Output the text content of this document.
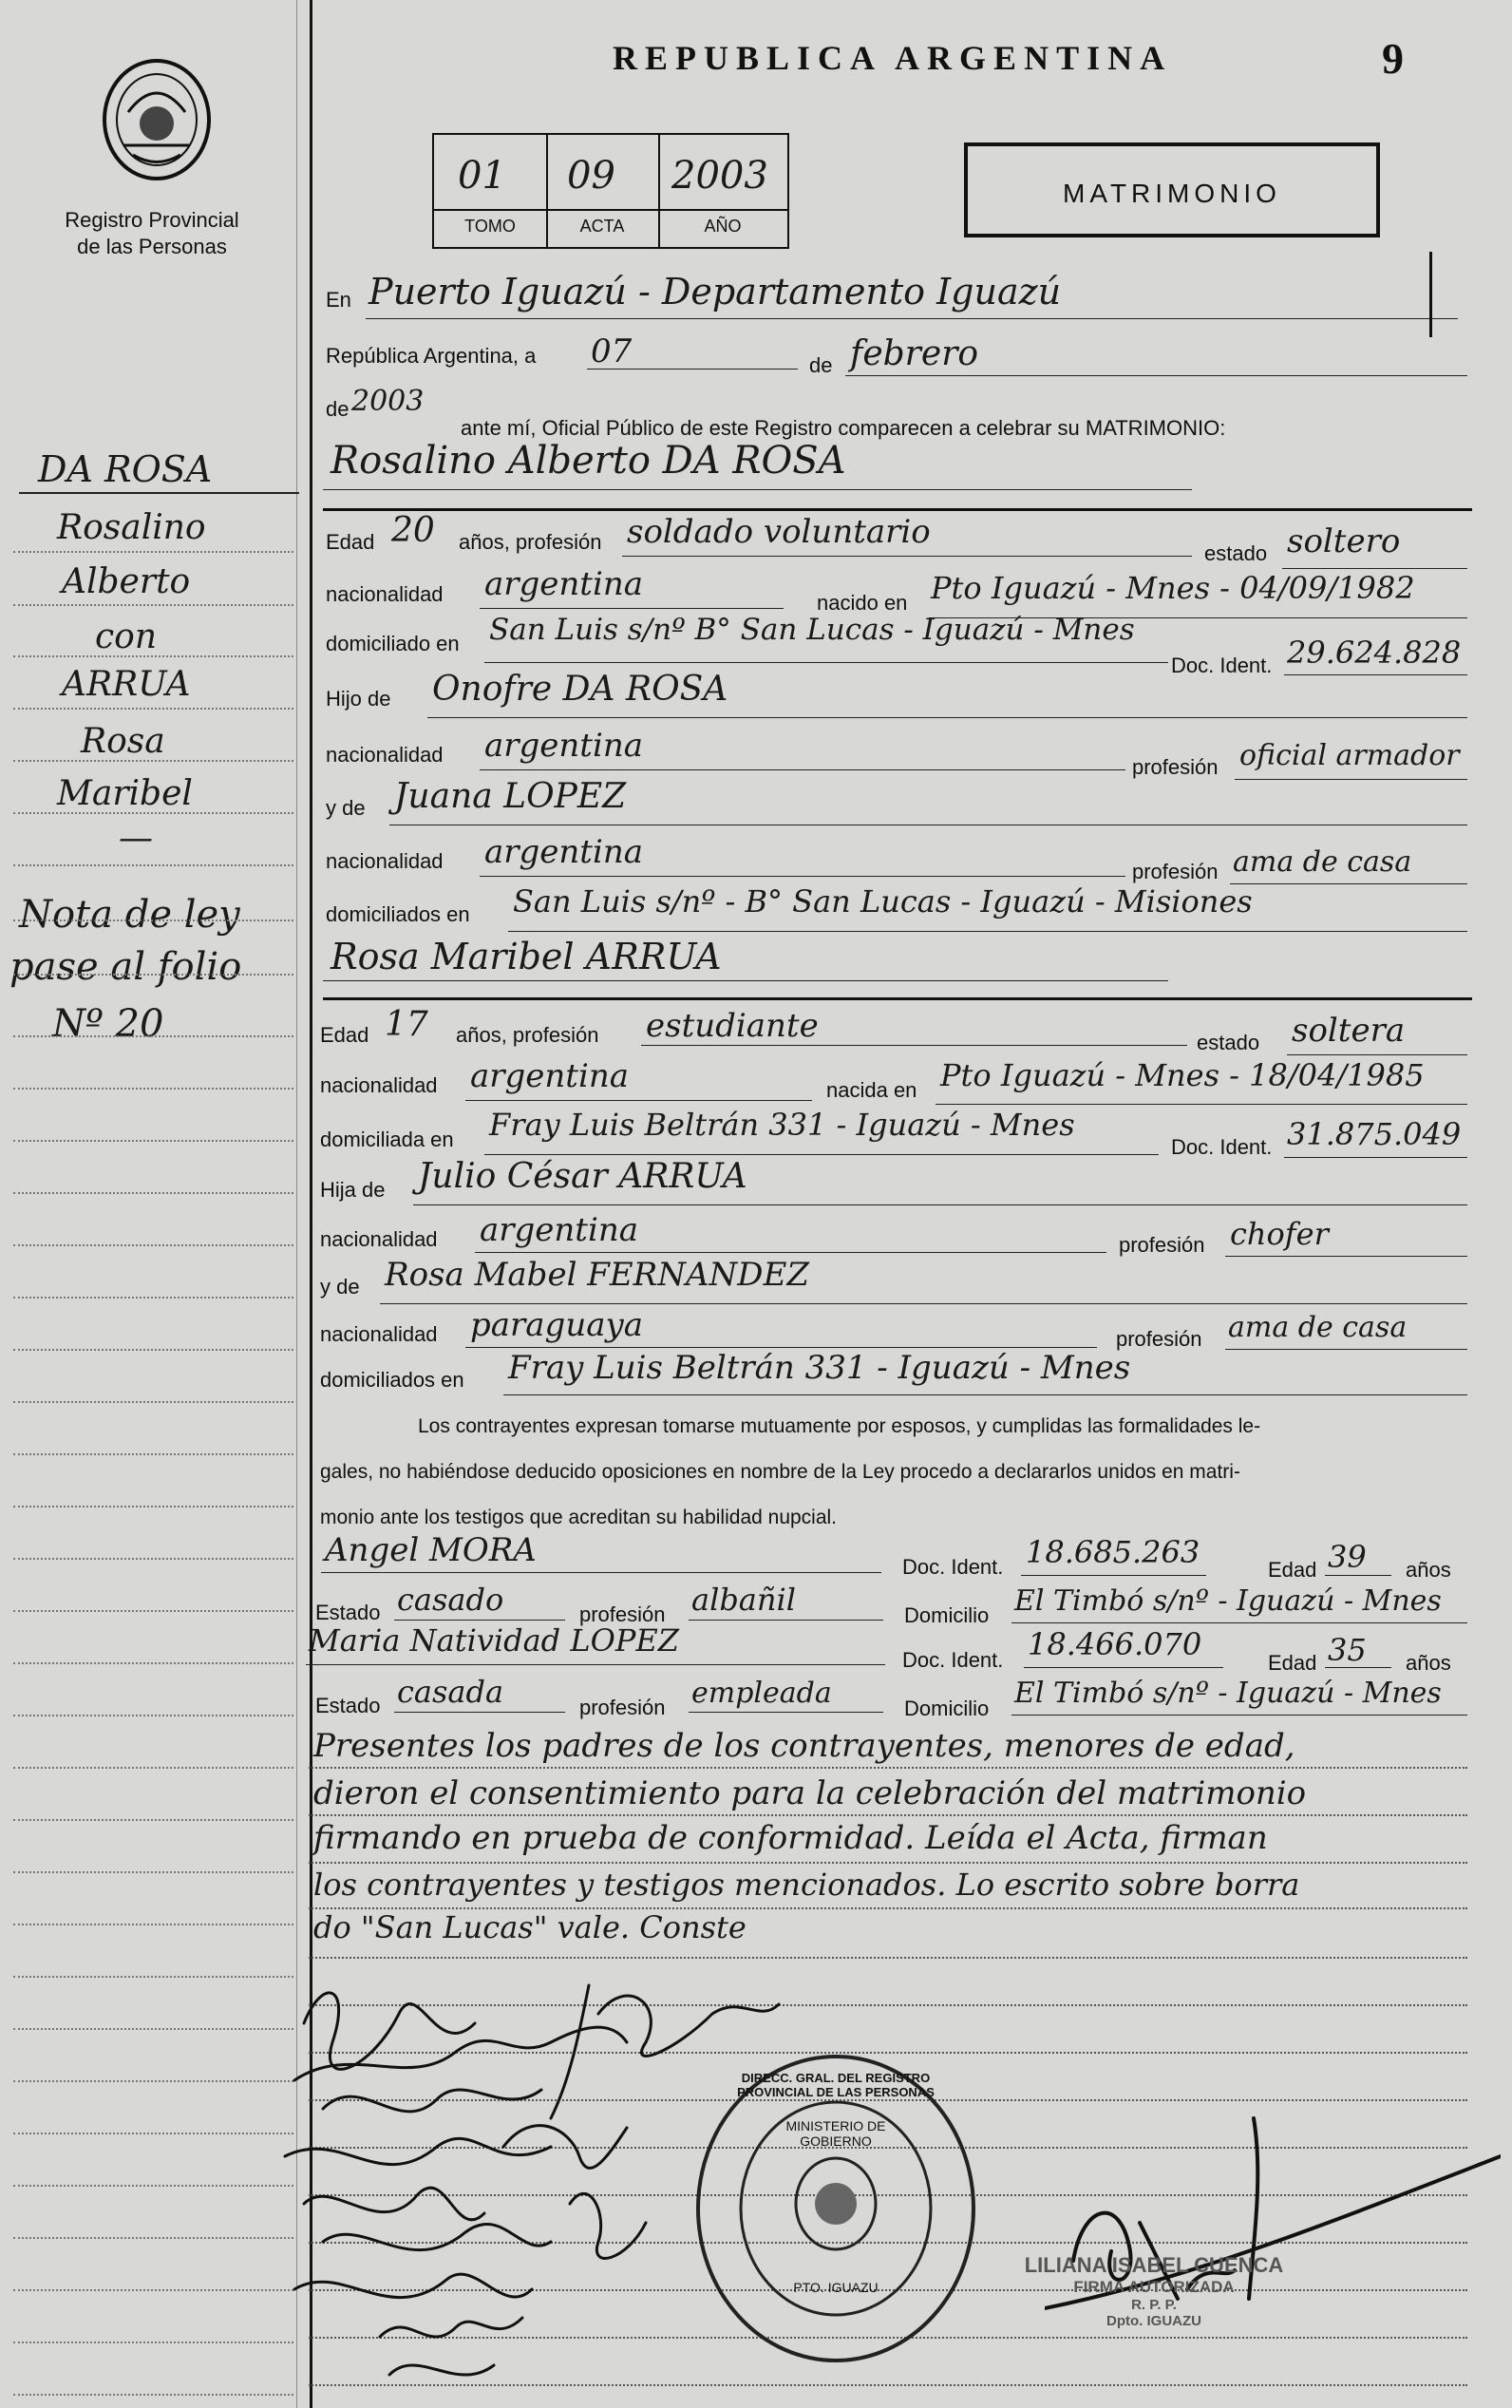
Registro Provincial
de las Personas
DA ROSA
Rosalino
Alberto
con
ARRUA
Rosa
Maribel
—
Nota de ley
pase al folio
Nº 20
REPUBLICA ARGENTINA	9
01 09 2003
TOMO	ACTA	AÑO
MATRIMONIO
En Puerto Iguazú - Departamento Iguazú
República Argentina, a 07	de febrero
de 2003
ante mí, Oficial Público de este Registro comparecen a celebrar su MATRIMONIO:
Rosalino Alberto DA ROSA
Edad 20 años, profesión soldado voluntario
estado soltero
nacionalidad argentina	nacido en Pto Iguazú - Mnes - 04/09/1982
domiciliado en San Luis s/nº B° San Lucas - Iguazú - Mnes
Doc. Ident. 29.624.828
Hijo de Onofre DA ROSA
nacionalidad argentina
profesión oficial armador
y de Juana LOPEZ
nacionalidad argentina
profesión ama de casa
domiciliados en San Luis s/nº - B° San Lucas - Iguazú - Misiones
Rosa Maribel ARRUA
Edad 17 años, profesión estudiante	estado soltera
nacionalidad argentina	nacida en Pto Iguazú - Mnes - 18/04/1985
domiciliada en Fray Luis Beltrán 331 - Iguazú - Mnes
Doc. Ident. 31.875.049
Hija de Julio César ARRUA
nacionalidad argentina	profesión chofer
y de Rosa Mabel FERNANDEZ
nacionalidad paraguaya	profesión ama de casa
domiciliados en Fray Luis Beltrán 331 - Iguazú - Mnes
Los contrayentes expresan tomarse mutuamente por esposos, y cumplidas las formalidades le-
gales, no habiéndose deducido oposiciones en nombre de la Ley procedo a declararlos unidos en matri-
monio ante los testigos que acreditan su habilidad nupcial.
Angel MORA	Doc. Ident. 18.685.263	Edad 39 años
Estado casado	profesión albañil	Domicilio El Timbó s/nº - Iguazú - Mnes
Maria Natividad LOPEZ
Doc. Ident. 18.466.070
Edad 35 años
Estado casada	profesión empleada	Domicilio El Timbó s/nº - Iguazú - Mnes
Presentes los padres de los contrayentes, menores de edad,
dieron el consentimiento para la celebración del matrimonio
firmando en prueba de conformidad. Leída el Acta, firman
los contrayentes y testigos mencionados. Lo escrito sobre borra
do "San Lucas" vale. Conste
DIRECC. GRAL. DEL REGISTRO PROVINCIAL DE LAS PERSONAS
MINISTERIO DE GOBIERNO
PTO. IGUAZU
LILIANA ISABEL CUENCA
FIRMA AUTORIZADA
R. P. P.
Dpto. IGUAZU
